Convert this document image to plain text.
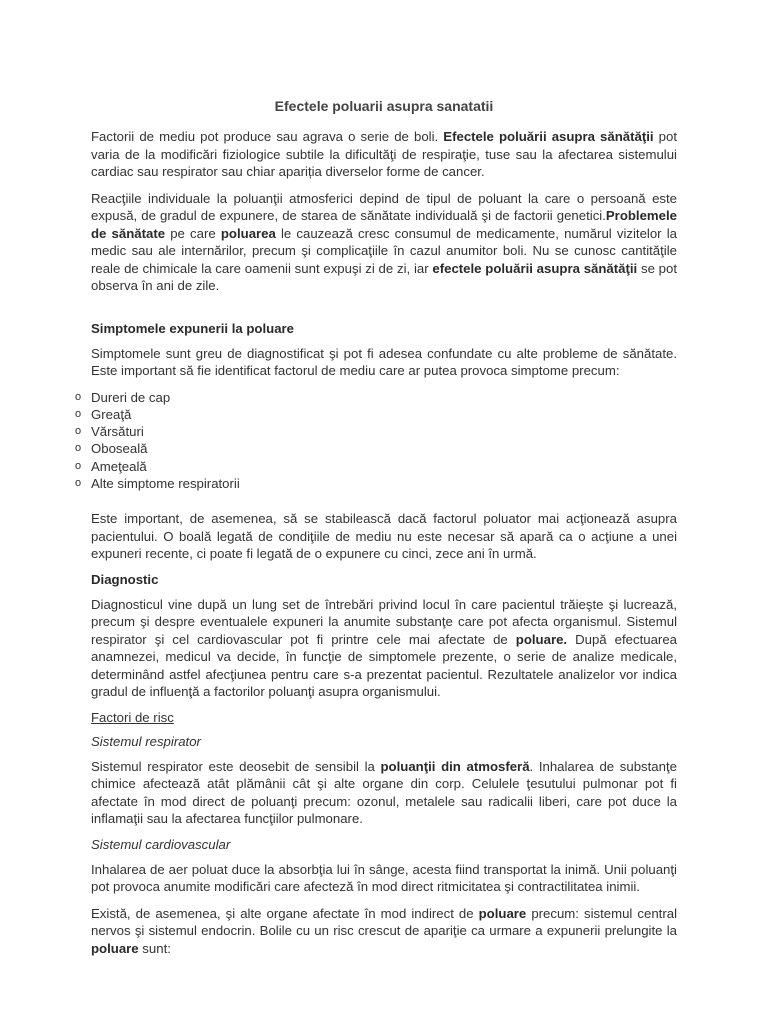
Efectele poluarii asupra sanatatii

Factorii de mediu pot produce sau agrava o serie de boli. Efectele poluării asupra sănătăţii pot varia de la modificări fiziologice subtile la dificultăţi de respiraţie, tuse sau la afectarea sistemului cardiac sau respirator sau chiar apariția diverselor forme de cancer.

Reacţiile individuale la poluanţii atmosferici depind de tipul de poluant la care o persoană este expusă, de gradul de expunere, de starea de sănătate individuală şi de factorii genetici.Problemele de sănătate pe care poluarea le cauzează cresc consumul de medicamente, numărul vizitelor la medic sau ale internărilor, precum şi complicaţiile în cazul anumitor boli. Nu se cunosc cantităţile reale de chimicale la care oamenii sunt expuşi zi de zi, iar efectele poluării asupra sănătăţii se pot observa în ani de zile.

Simptomele expunerii la poluare

Simptomele sunt greu de diagnostificat şi pot fi adesea confundate cu alte probleme de sănătate. Este important să fie identificat factorul de mediu care ar putea provoca simptome precum:

o Dureri de cap
o Greaţă
o Vărsături
o Oboseală
o Ameţeală
o Alte simptome respiratorii

Este important, de asemenea, să se stabilească dacă factorul poluator mai acţionează asupra pacientului. O boală legată de condiţiile de mediu nu este necesar să apară ca o acţiune a unei expuneri recente, ci poate fi legată de o expunere cu cinci, zece ani în urmă.

Diagnostic

Diagnosticul vine după un lung set de întrebări privind locul în care pacientul trăieşte şi lucrează, precum şi despre eventualele expuneri la anumite substanţe care pot afecta organismul. Sistemul respirator şi cel cardiovascular pot fi printre cele mai afectate de poluare. După efectuarea anamnezei, medicul va decide, în funcţie de simptomele prezente, o serie de analize medicale, determinând astfel afecţiunea pentru care s-a prezentat pacientul. Rezultatele analizelor vor indica gradul de influenţă a factorilor poluanţi asupra organismului.

Factori de risc
Sistemul respirator

Sistemul respirator este deosebit de sensibil la poluanţii din atmosferă. Inhalarea de substanţe chimice afectează atât plămânii cât şi alte organe din corp. Celulele ţesutului pulmonar pot fi afectate în mod direct de poluanţi precum: ozonul, metalele sau radicalii liberi, care pot duce la inflamaţii sau la afectarea funcţiilor pulmonare.

Sistemul cardiovascular

Inhalarea de aer poluat duce la absorbţia lui în sânge, acesta fiind transportat la inimă. Unii poluanţi pot provoca anumite modificări care afecteză în mod direct ritmicitatea şi contractilitatea inimii.

Există, de asemenea, şi alte organe afectate în mod indirect de poluare precum: sistemul central nervos şi sistemul endocrin. Bolile cu un risc crescut de apariţie ca urmare a expunerii prelungite la poluare sunt:
